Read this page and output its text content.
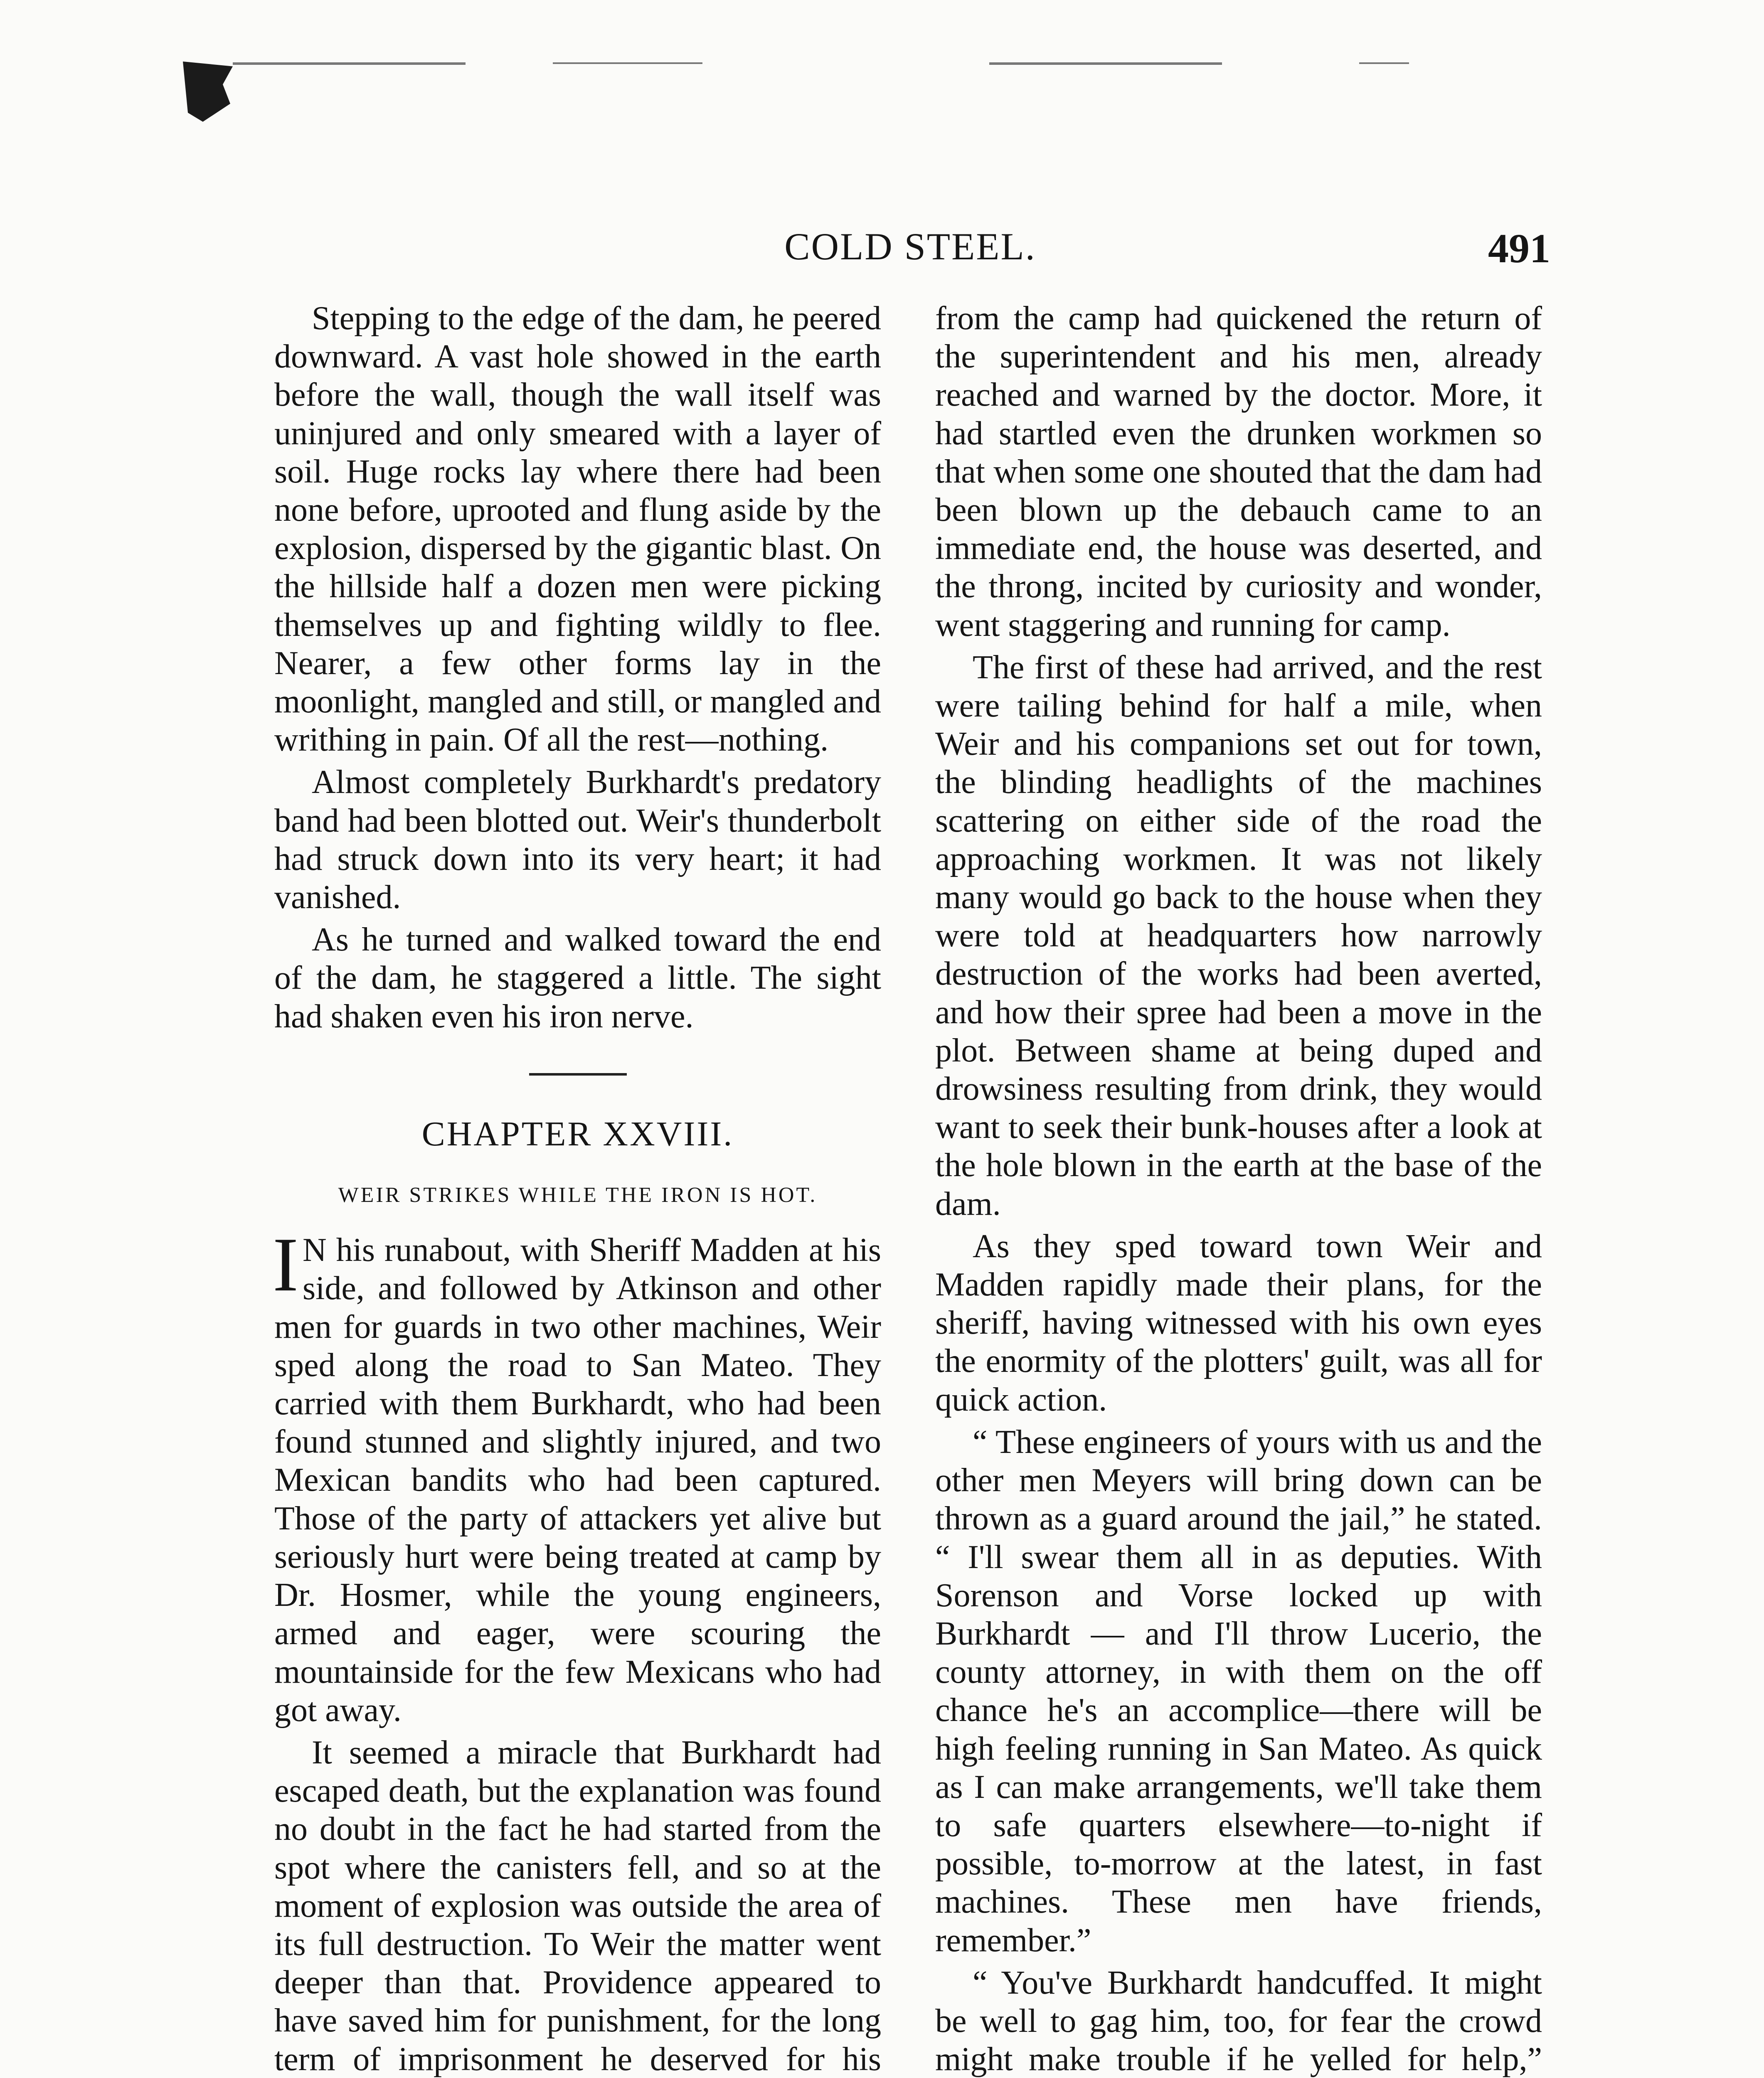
COLD STEEL.	491

Stepping to the edge of the dam, he peered downward. A vast hole showed in the earth before the wall, though the wall itself was uninjured and only smeared with a layer of soil. Huge rocks lay where there had been none before, uprooted and flung aside by the explosion, dispersed by the gigantic blast. On the hillside half a dozen men were picking themselves up and fighting wildly to flee. Nearer, a few other forms lay in the moonlight, mangled and still, or mangled and writhing in pain. Of all the rest—nothing.

Almost completely Burkhardt's predatory band had been blotted out. Weir's thunderbolt had struck down into its very heart; it had vanished.

As he turned and walked toward the end of the dam, he staggered a little. The sight had shaken even his iron nerve.

CHAPTER XXVIII.
WEIR STRIKES WHILE THE IRON IS HOT.

I N his runabout, with Sheriff Madden at his side, and followed by Atkinson and other men for guards in two other machines, Weir sped along the road to San Mateo. They carried with them Burkhardt, who had been found stunned and slightly injured, and two Mexican bandits who had been captured. Those of the party of attackers yet alive but seriously hurt were being treated at camp by Dr. Hosmer, while the young engineers, armed and eager, were scouring the mountainside for the few Mexicans who had got away.

It seemed a miracle that Burkhardt had escaped death, but the explanation was found no doubt in the fact he had started from the spot where the canisters fell, and so at the moment of explosion was outside the area of its full destruction. To Weir the matter went deeper than that. Providence appeared to have saved him for punishment, for the long term of imprisonment he deserved for his

from the camp had quickened the return of the superintendent and his men, already reached and warned by the doctor. More, it had startled even the drunken workmen so that when some one shouted that the dam had been blown up the debauch came to an immediate end, the house was deserted, and the throng, incited by curiosity and wonder, went staggering and running for camp.

The first of these had arrived, and the rest were tailing behind for half a mile, when Weir and his companions set out for town, the blinding headlights of the machines scattering on either side of the road the approaching workmen. It was not likely many would go back to the house when they were told at headquarters how narrowly destruction of the works had been averted, and how their spree had been a move in the plot. Between shame at being duped and drowsiness resulting from drink, they would want to seek their bunk-houses after a look at the hole blown in the earth at the base of the dam.

As they sped toward town Weir and Madden rapidly made their plans, for the sheriff, having witnessed with his own eyes the enormity of the plotters' guilt, was all for quick action.

“ These engineers of yours with us and the other men Meyers will bring down can be thrown as a guard around the jail,” he stated. “ I'll swear them all in as deputies. With Sorenson and Vorse locked up with Burkhardt — and I'll throw Lucerio, the county attorney, in with them on the off chance he's an accomplice—there will be high feeling running in San Mateo. As quick as I can make arrangements, we'll take them to safe quarters elsewhere—to-night if possible, to-morrow at the latest, in fast machines. These men have friends, remember.”

“ You've Burkhardt handcuffed. It might be well to gag him, too, for fear the crowd might make trouble if he yelled for help,”
